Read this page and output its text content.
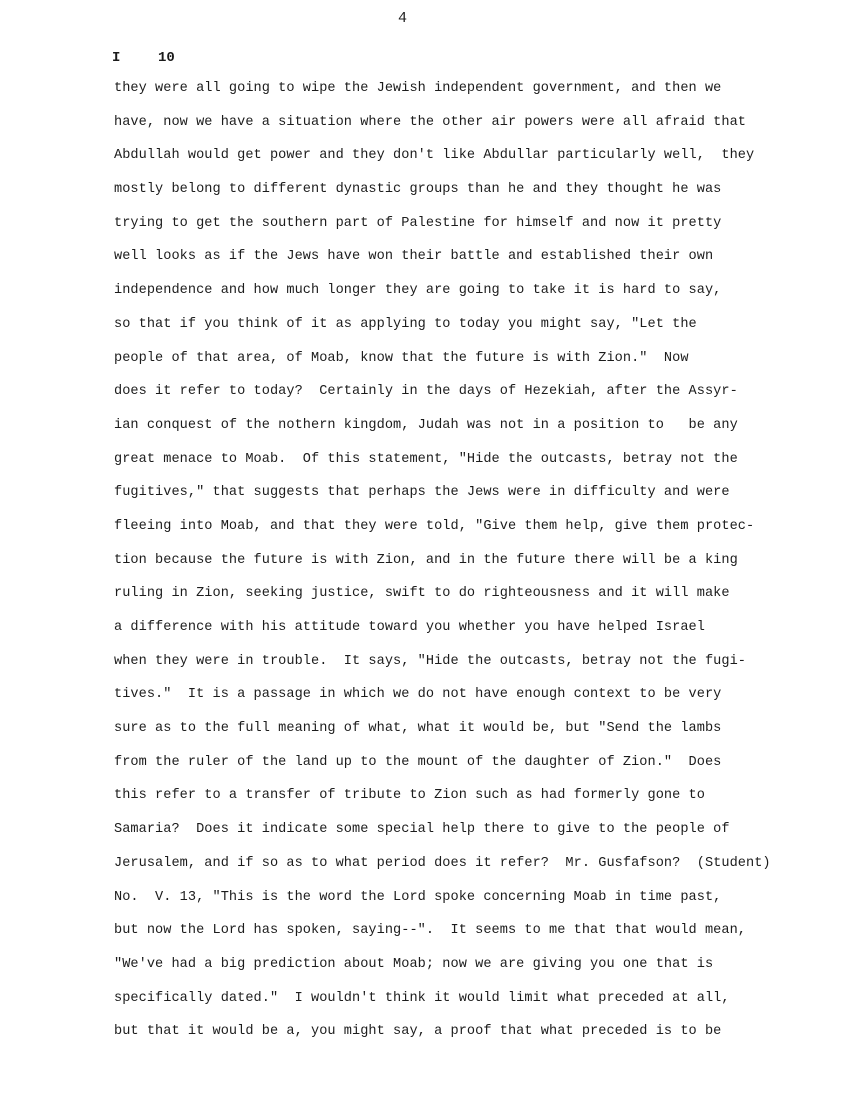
4
I	10
they were all going to wipe the Jewish independent government, and then we
have, now we have a situation where the other air powers were all afraid that
Abdullah would get power and they don't like Abdullar particularly well,  they
mostly belong to different dynastic groups than he and they thought he was
trying to get the southern part of Palestine for himself and now it pretty
well looks as if the Jews have won their battle and established their own
independence and how much longer they are going to take it is hard to say,
so that if you think of it as applying to today you might say, "Let the
people of that area, of Moab, know that the future is with Zion."  Now
does it refer to today?  Certainly in the days of Hezekiah, after the Assyr-
ian conquest of the nothern kingdom, Judah was not in a position to   be any
great menace to Moab.  Of this statement, "Hide the outcasts, betray not the
fugitives," that suggests that perhaps the Jews were in difficulty and were
fleeing into Moab, and that they were told, "Give them help, give them protec-
tion because the future is with Zion, and in the future there will be a king
ruling in Zion, seeking justice, swift to do righteousness and it will make
a difference with his attitude toward you whether you have helped Israel
when they were in trouble.  It says, "Hide the outcasts, betray not the fugi-
tives."  It is a passage in which we do not have enough context to be very
sure as to the full meaning of what, what it would be, but "Send the lambs
from the ruler of the land up to the mount of the daughter of Zion."  Does
this refer to a transfer of tribute to Zion such as had formerly gone to
Samaria?  Does it indicate some special help there to give to the people of
Jerusalem, and if so as to what period does it refer?  Mr. Gusfafson?  (Student)
No.  V. 13, "This is the word the Lord spoke concerning Moab in time past,
but now the Lord has spoken, saying--".  It seems to me that that would mean,
"We've had a big prediction about Moab; now we are giving you one that is
specifically dated."  I wouldn't think it would limit what preceded at all,
but that it would be a, you might say, a proof that what preceded is to be
